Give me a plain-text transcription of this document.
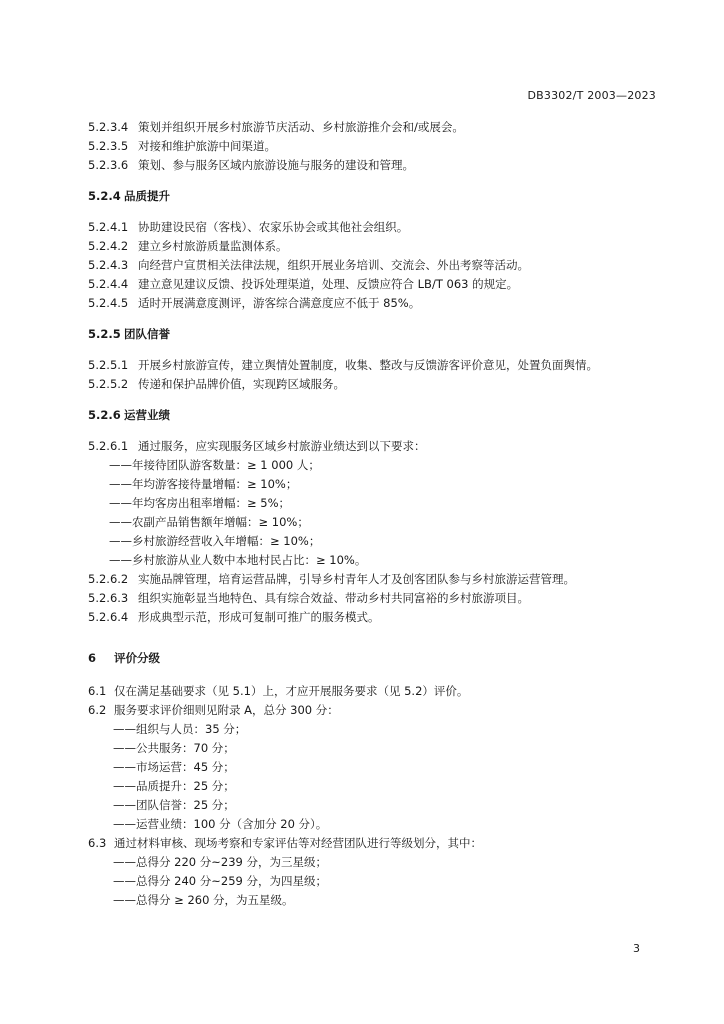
DB3302/T 2003—2023
5.2.3.4 策划并组织开展乡村旅游节庆活动、乡村旅游推介会和/或展会。
5.2.3.5 对接和维护旅游中间渠道。
5.2.3.6 策划、参与服务区域内旅游设施与服务的建设和管理。
5.2.4 品质提升
5.2.4.1 协助建设民宿（客栈）、农家乐协会或其他社会组织。
5.2.4.2 建立乡村旅游质量监测体系。
5.2.4.3 向经营户宣贯相关法律法规，组织开展业务培训、交流会、外出考察等活动。
5.2.4.4 建立意见建议反馈、投诉处理渠道，处理、反馈应符合 LB/T 063 的规定。
5.2.4.5 适时开展满意度测评，游客综合满意度应不低于 85%。
5.2.5 团队信誉
5.2.5.1 开展乡村旅游宣传，建立舆情处置制度，收集、整改与反馈游客评价意见，处置负面舆情。
5.2.5.2 传递和保护品牌价值，实现跨区域服务。
5.2.6 运营业绩
5.2.6.1 通过服务，应实现服务区域乡村旅游业绩达到以下要求：
——年接待团队游客数量：≥ 1 000 人；
——年均游客接待量增幅：≥ 10%；
——年均客房出租率增幅：≥ 5%；
——农副产品销售额年增幅：≥ 10%；
——乡村旅游经营收入年增幅：≥ 10%；
——乡村旅游从业人数中本地村民占比：≥ 10%。
5.2.6.2 实施品牌管理，培育运营品牌，引导乡村青年人才及创客团队参与乡村旅游运营管理。
5.2.6.3 组织实施彰显当地特色、具有综合效益、带动乡村共同富裕的乡村旅游项目。
5.2.6.4 形成典型示范，形成可复制可推广的服务模式。
6 评价分级
6.1 仅在满足基础要求（见 5.1）上，才应开展服务要求（见 5.2）评价。
6.2 服务要求评价细则见附录 A，总分 300 分：
——组织与人员：35 分；
——公共服务：70 分；
——市场运营：45 分；
——品质提升：25 分；
——团队信誉：25 分；
——运营业绩：100 分（含加分 20 分）。
6.3 通过材料审核、现场考察和专家评估等对经营团队进行等级划分，其中：
——总得分 220 分~239 分，为三星级；
——总得分 240 分~259 分，为四星级；
——总得分 ≥ 260 分，为五星级。
3
